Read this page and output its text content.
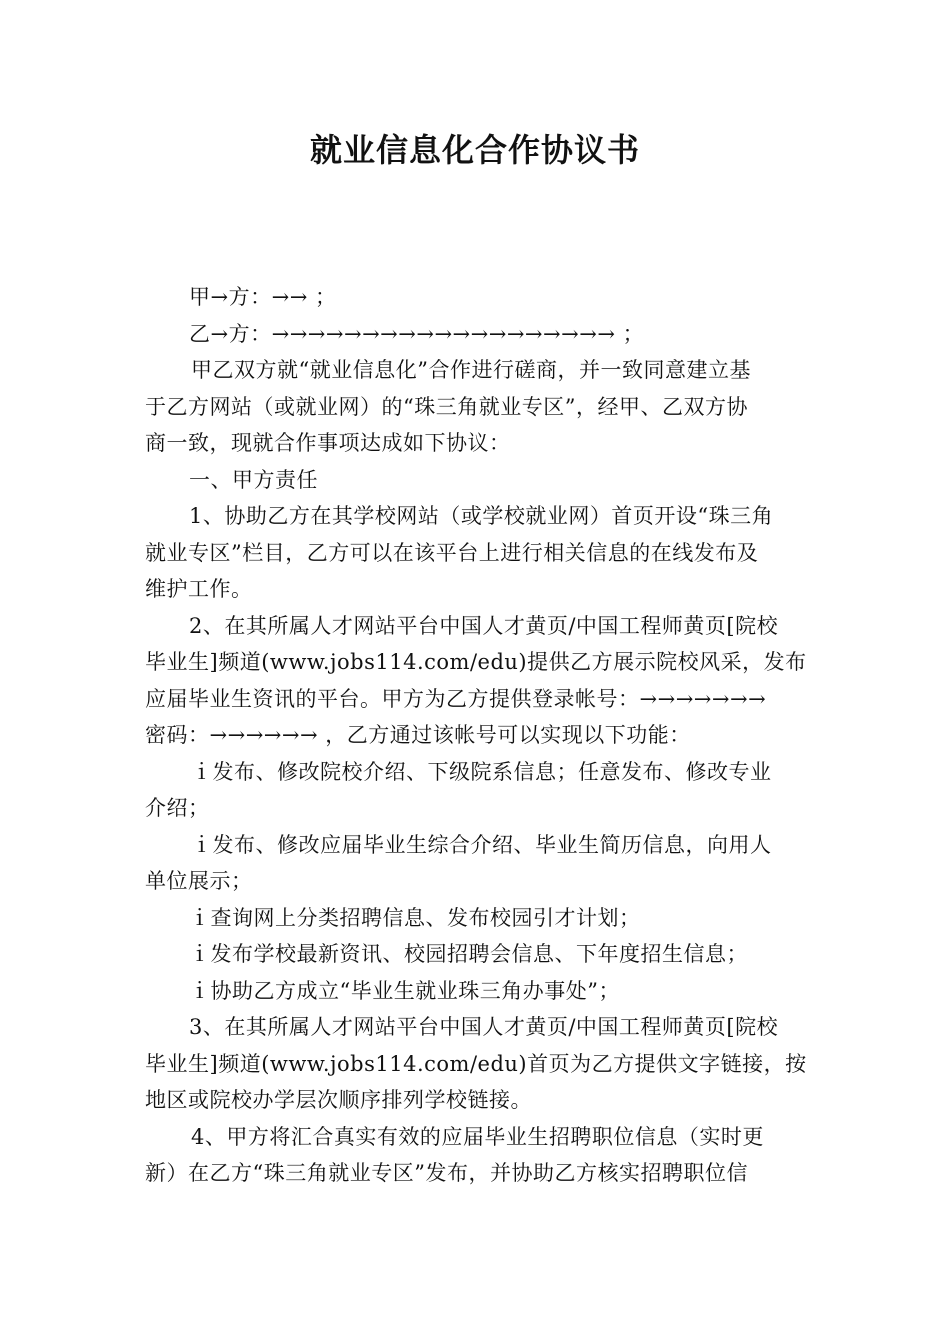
就业信息化合作协议书
甲→方：→→ ；
乙→方：→→→→→→→→→→→→→→→→→→→ ；
甲乙双方就“就业信息化”合作进行磋商，并一致同意建立基
于乙方网站（或就业网）的“珠三角就业专区”，经甲、乙双方协
商一致，现就合作事项达成如下协议：
一、甲方责任
1、协助乙方在其学校网站（或学校就业网）首页开设“珠三角
就业专区”栏目，乙方可以在该平台上进行相关信息的在线发布及
维护工作。
2、在其所属人才网站平台中国人才黄页/中国工程师黄页[院校
毕业生]频道(www.jobs114.com/edu)提供乙方展示院校风采，发布
应届毕业生资讯的平台。甲方为乙方提供登录帐号：→→→→→→→
密码：→→→→→→ ，乙方通过该帐号可以实现以下功能：
ｉ发布、修改院校介绍、下级院系信息；任意发布、修改专业
介绍；
ｉ发布、修改应届毕业生综合介绍、毕业生简历信息，向用人
单位展示；
ｉ查询网上分类招聘信息、发布校园引才计划；
ｉ发布学校最新资讯、校园招聘会信息、下年度招生信息；
ｉ协助乙方成立“毕业生就业珠三角办事处”；
3、在其所属人才网站平台中国人才黄页/中国工程师黄页[院校
毕业生]频道(www.jobs114.com/edu)首页为乙方提供文字链接，按
地区或院校办学层次顺序排列学校链接。
4、甲方将汇合真实有效的应届毕业生招聘职位信息（实时更
新）在乙方“珠三角就业专区”发布，并协助乙方核实招聘职位信
